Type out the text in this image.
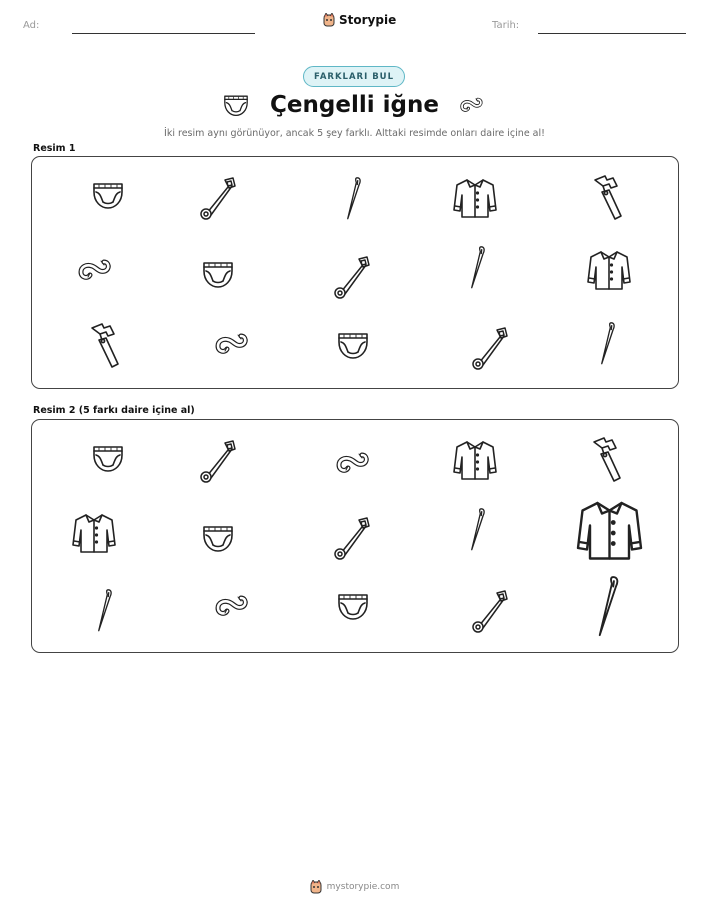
Ad:	Storypie	Tarih:
FARKLARI BUL
Çengelli iğne
İki resim aynı görünüyor, ancak 5 şey farklı. Alttaki resimde onları daire içine al!
Resim 1
Resim 2 (5 farkı daire içine al)
mystorypie.com
